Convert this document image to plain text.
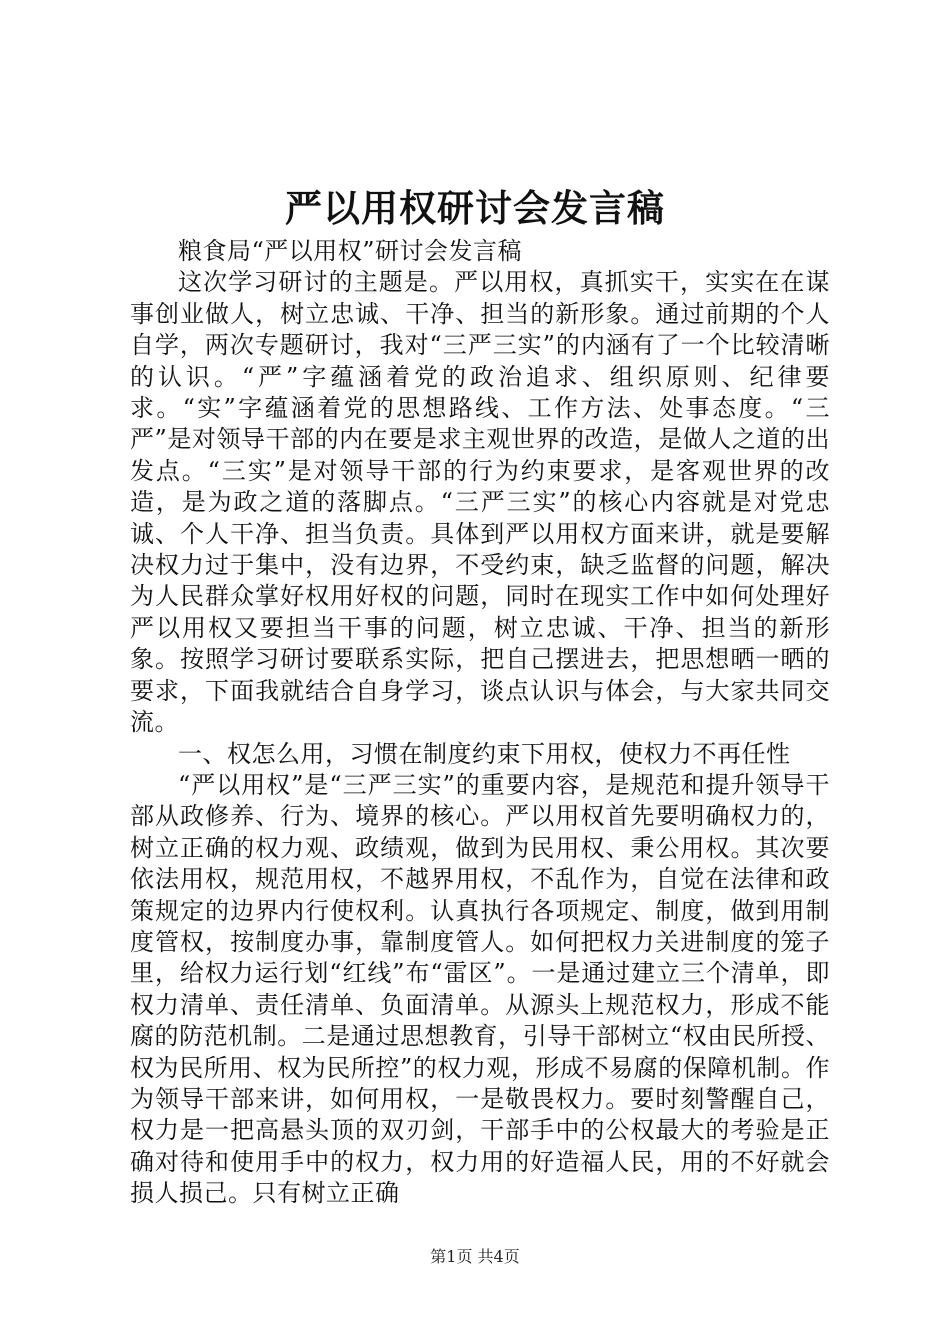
严以用权研讨会发言稿

粮食局“严以用权”研讨会发言稿

这次学习研讨的主题是。严以用权，真抓实干，实实在在谋事创业做人，树立忠诚、干净、担当的新形象。通过前期的个人自学，两次专题研讨，我对“三严三实”的内涵有了一个比较清晰的认识。“严”字蕴涵着党的政治追求、组织原则、纪律要求。“实”字蕴涵着党的思想路线、工作方法、处事态度。“三严”是对领导干部的内在要是求主观世界的改造，是做人之道的出发点。“三实”是对领导干部的行为约束要求，是客观世界的改造，是为政之道的落脚点。“三严三实”的核心内容就是对党忠诚、个人干净、担当负责。具体到严以用权方面来讲，就是要解决权力过于集中，没有边界，不受约束，缺乏监督的问题，解决为人民群众掌好权用好权的问题，同时在现实工作中如何处理好严以用权又要担当干事的问题，树立忠诚、干净、担当的新形象。按照学习研讨要联系实际，把自己摆进去，把思想晒一晒的要求，下面我就结合自身学习，谈点认识与体会，与大家共同交流。

一、权怎么用，习惯在制度约束下用权，使权力不再任性

“严以用权”是“三严三实”的重要内容，是规范和提升领导干部从政修养、行为、境界的核心。严以用权首先要明确权力的，树立正确的权力观、政绩观，做到为民用权、秉公用权。其次要依法用权，规范用权，不越界用权，不乱作为，自觉在法律和政策规定的边界内行使权利。认真执行各项规定、制度，做到用制度管权，按制度办事，靠制度管人。如何把权力关进制度的笼子里，给权力运行划“红线”布“雷区”。一是通过建立三个清单，即权力清单、责任清单、负面清单。从源头上规范权力，形成不能腐的防范机制。二是通过思想教育，引导干部树立“权由民所授、权为民所用、权为民所控”的权力观，形成不易腐的保障机制。作为领导干部来讲，如何用权，一是敬畏权力。要时刻警醒自己，权力是一把高悬头顶的双刃剑，干部手中的公权最大的考验是正确对待和使用手中的权力，权力用的好造福人民，用的不好就会损人损己。只有树立正确

第1页 共4页
